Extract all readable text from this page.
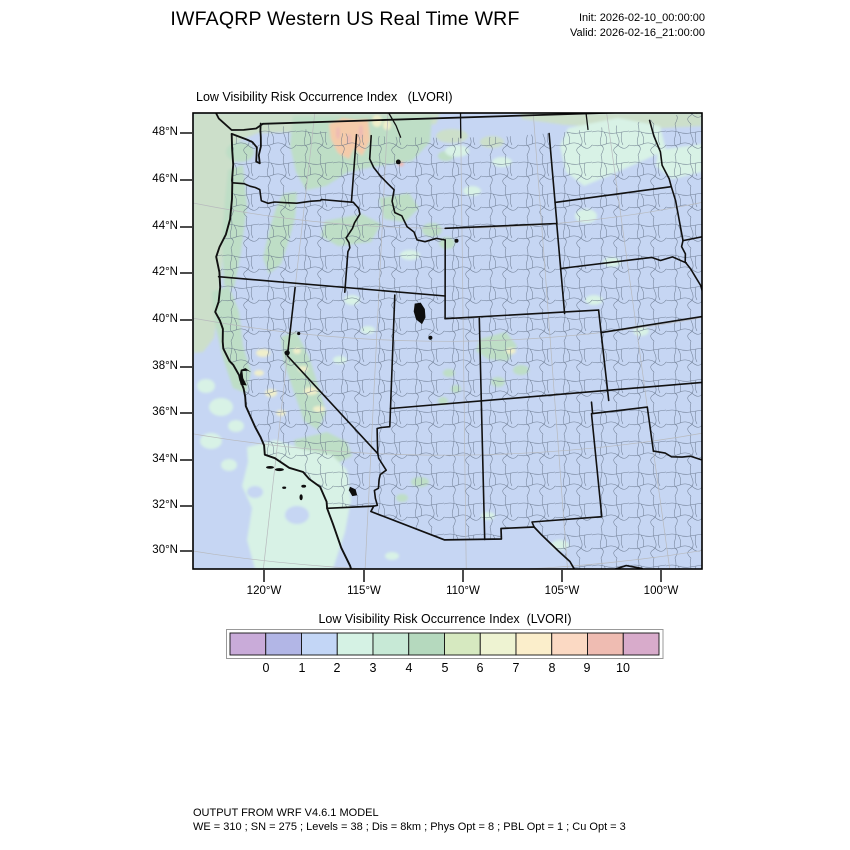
IWFAQRP Western US Real Time WRF	Init: 2026-02-10_00:00:00
Valid: 2026-02-16_21:00:00
Low Visibility Risk Occurrence Index   (LVORI)
48°N
46°N
44°N
42°N
40°N
38°N
36°N
34°N
32°N
30°N
120°W	115°W	110°W	105°W	100°W
Low Visibility Risk Occurrence Index  (LVORI)
0	1	2	3	4	5	6	7	8	9	10
OUTPUT FROM WRF V4.6.1 MODEL
WE = 310 ; SN = 275 ; Levels = 38 ; Dis = 8km ; Phys Opt = 8 ; PBL Opt = 1 ; Cu Opt = 3
